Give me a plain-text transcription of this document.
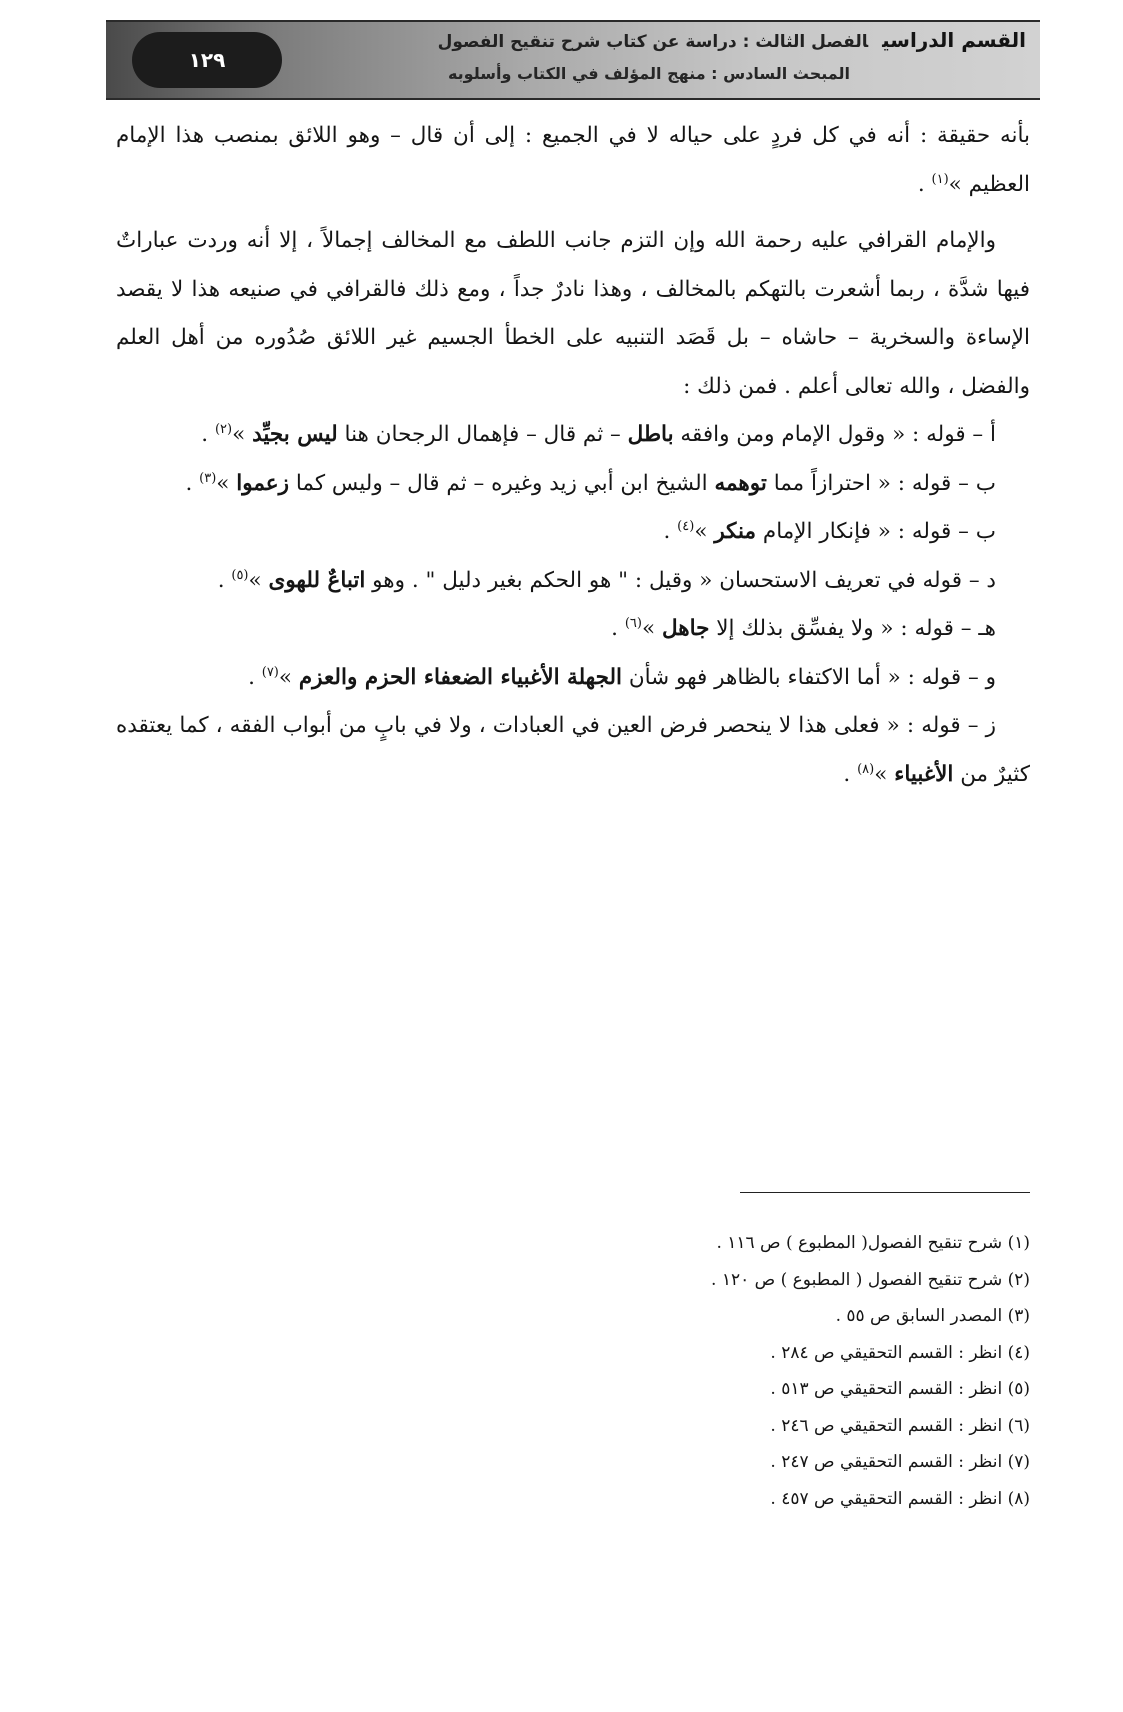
١٢٩
القسم الدراسيالفصل الثالث : دراسة عن كتاب شرح تنقيح الفصول
المبحث السادس : منهج المؤلف في الكتاب وأسلوبه

بأنه حقيقة : أنه في كل فردٍ على حياله لا في الجميع : إلى أن قال – وهو اللائق بمنصب هذا الإمام العظيم »$^{(١)}$ .

والإمام القرافي عليه رحمة الله وإن التزم جانب اللطف مع المخالف إجمالاً ، إلا أنه وردت عباراتٌ فيها شدَّة ، ربما أشعرت بالتهكم بالمخالف ، وهذا نادرٌ جداً ، ومع ذلك فالقرافي في صنيعه هذا لا يقصد الإساءة والسخرية – حاشاه – بل قَصَد التنبيه على الخطأ الجسيم غير اللائق صُدُوره من أهل العلم والفضل ، والله تعالى أعلم . فمن ذلك :

أ – قوله : « وقول الإمام ومن وافقه باطل – ثم قال – فإهمال الرجحان هنا ليس بجيِّد »$^{(٢)}$ .

ب – قوله : « احترازاً مما توهمه الشيخ ابن أبي زيد وغيره – ثم قال – وليس كما زعموا »$^{(٣)}$ .

ب – قوله : « فإنكار الإمام منكر »$^{(٤)}$ .

د – قوله في تعريف الاستحسان « وقيل : " هو الحكم بغير دليل " . وهو اتباعٌ للهوى »$^{(٥)}$ .

هـ – قوله : « ولا يفسِّق بذلك إلا جاهل »$^{(٦)}$ .

و – قوله : « أما الاكتفاء بالظاهر فهو شأن الجهلة الأغبياء الضعفاء الحزم والعزم »$^{(٧)}$ .

ز – قوله : « فعلى هذا لا ينحصر فرض العين في العبادات ، ولا في بابٍ من أبواب الفقه ، كما يعتقده كثيرٌ من الأغبياء »$^{(٨)}$ .

(١) شرح تنقيح الفصول( المطبوع ) ص ١١٦ .
(٢) شرح تنقيح الفصول ( المطبوع ) ص ١٢٠ .
(٣) المصدر السابق ص ٥٥ .
(٤) انظر : القسم التحقيقي ص ٢٨٤ .
(٥) انظر : القسم التحقيقي ص ٥١٣ .
(٦) انظر : القسم التحقيقي ص ٢٤٦ .
(٧) انظر : القسم التحقيقي ص ٢٤٧ .
(٨) انظر : القسم التحقيقي ص ٤٥٧ .
